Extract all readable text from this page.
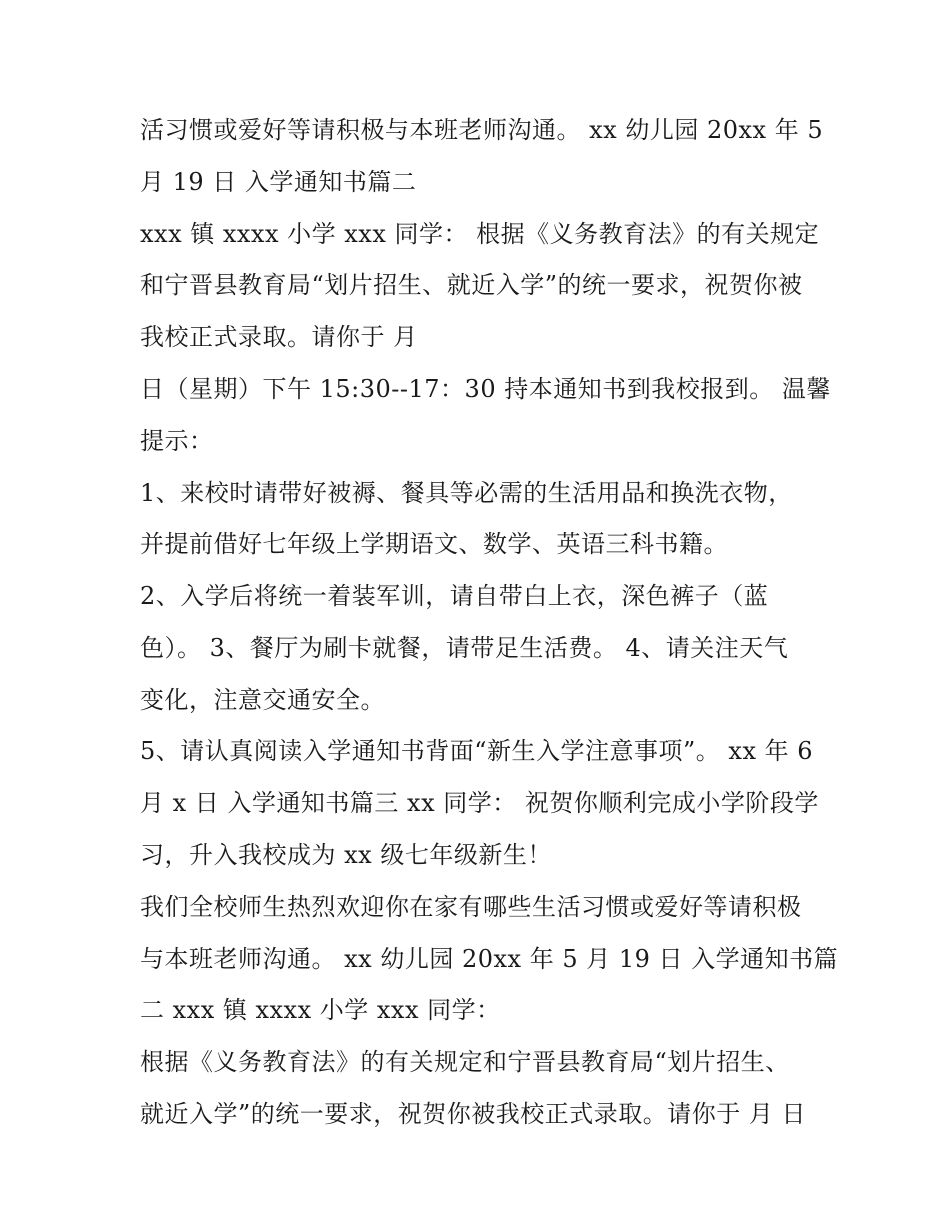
活习惯或爱好等请积极与本班老师沟通。 xx 幼儿园 20xx 年 5
月 19 日 入学通知书篇二
xxx 镇 xxxx 小学 xxx 同学： 根据《义务教育法》的有关规定
和宁晋县教育局“划片招生、就近入学”的统一要求，祝贺你被
我校正式录取。请你于 月
日（星期）下午 15:30--17：30 持本通知书到我校报到。 温馨
提示：
1、来校时请带好被褥、餐具等必需的生活用品和换洗衣物，
并提前借好七年级上学期语文、数学、英语三科书籍。
2、入学后将统一着装军训，请自带白上衣，深色裤子（蓝
色）。 3、餐厅为刷卡就餐，请带足生活费。 4、请关注天气
变化，注意交通安全。
5、请认真阅读入学通知书背面“新生入学注意事项”。 xx 年 6
月 x 日 入学通知书篇三 xx 同学： 祝贺你顺利完成小学阶段学
习，升入我校成为 xx 级七年级新生！
我们全校师生热烈欢迎你在家有哪些生活习惯或爱好等请积极
与本班老师沟通。 xx 幼儿园 20xx 年 5 月 19 日 入学通知书篇
二 xxx 镇 xxxx 小学 xxx 同学：
根据《义务教育法》的有关规定和宁晋县教育局“划片招生、
就近入学”的统一要求，祝贺你被我校正式录取。请你于 月 日
